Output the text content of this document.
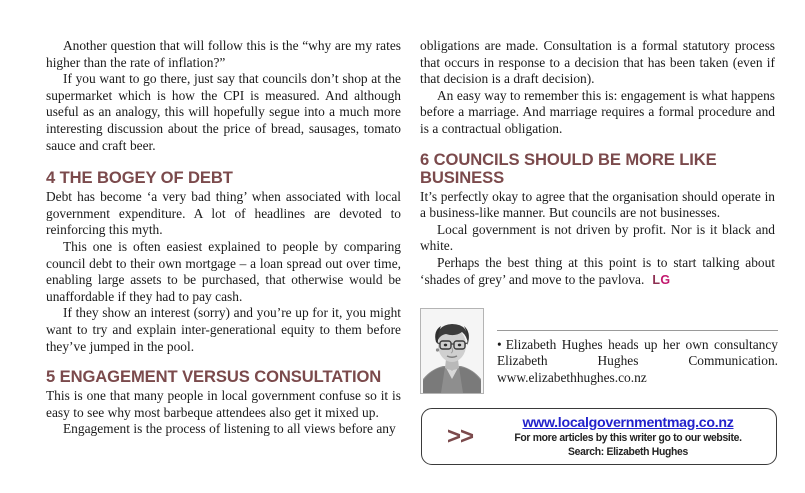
Another question that will follow this is the “why are my rates higher than the rate of inflation?”

If you want to go there, just say that councils don’t shop at the supermarket which is how the CPI is measured. And although useful as an analogy, this will hopefully segue into a much more interesting discussion about the price of bread, sausages, tomato sauce and craft beer.

4 THE BOGEY OF DEBT

Debt has become ‘a very bad thing’ when associated with local government expenditure. A lot of headlines are devoted to reinforcing this myth.

This one is often easiest explained to people by comparing council debt to their own mortgage – a loan spread out over time, enabling large assets to be purchased, that otherwise would be unaffordable if they had to pay cash.

If they show an interest (sorry) and you’re up for it, you might want to try and explain inter-generational equity to them before they’ve jumped in the pool.

5 ENGAGEMENT VERSUS CONSULTATION

This is one that many people in local government confuse so it is easy to see why most barbeque attendees also get it mixed up.

Engagement is the process of listening to all views before any

obligations are made. Consultation is a formal statutory process that occurs in response to a decision that has been taken (even if that decision is a draft decision).

An easy way to remember this is: engagement is what happens before a marriage. And marriage requires a formal procedure and is a contractual obligation.

6 COUNCILS SHOULD BE MORE LIKE BUSINESS

It’s perfectly okay to agree that the organisation should operate in a business-like manner. But councils are not businesses.

Local government is not driven by profit. Nor is it black and white.

Perhaps the best thing at this point is to start talking about ‘shades of grey’ and move to the pavlova. LG

• Elizabeth Hughes heads up her own consultancy Elizabeth Hughes Communication. www.elizabethhughes.co.nz

>>	www.localgovernmentmag.co.nz
For more articles by this writer go to our website.
Search: Elizabeth Hughes
